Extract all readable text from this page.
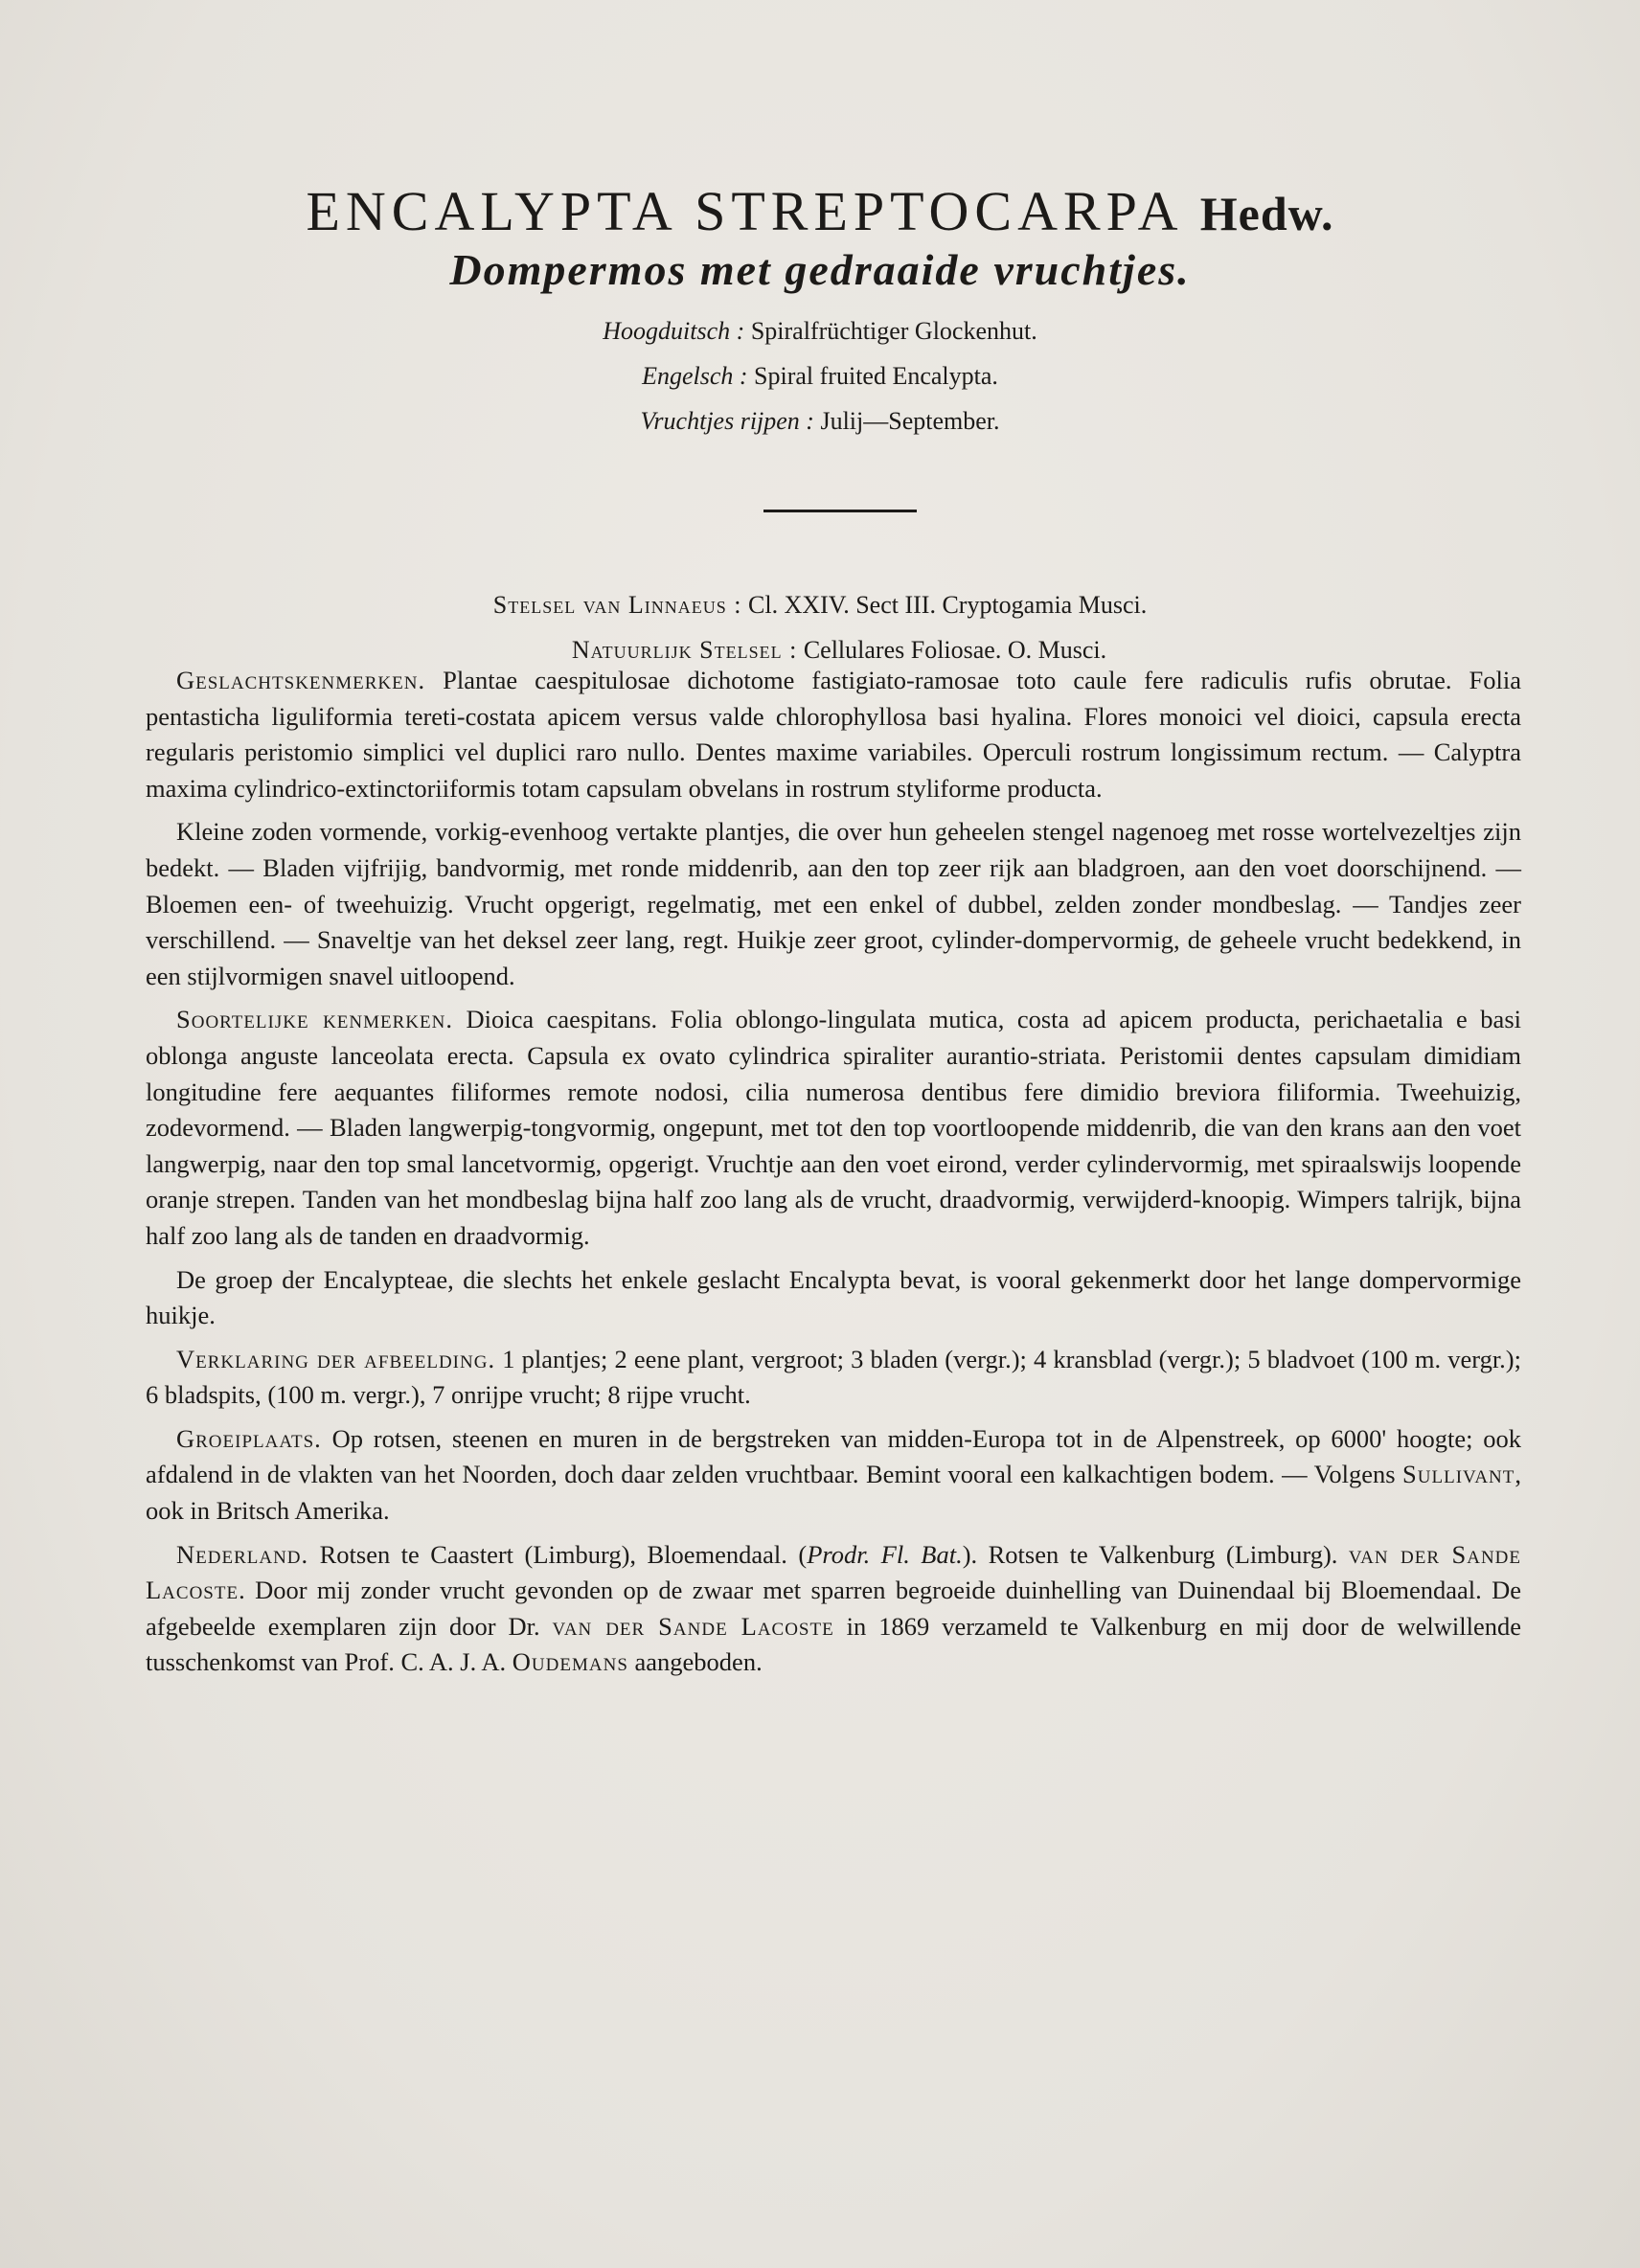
ENCALYPTA STREPTOCARPA Hedw.
Dompermos met gedraaide vruchtjes.
Hoogduitsch : Spiralfrüchtiger Glockenhut.
Engelsch : Spiral fruited Encalypta.
Vruchtjes rijpen : Julij—September.
Stelsel van Linnaeus : Cl. XXIV. Sect III. Cryptogamia Musci.
Natuurlijk Stelsel : Cellulares Foliosae. O. Musci.

Geslachtskenmerken. Plantae caespitulosae dichotome fastigiato-ramosae toto caule fere radiculis rufis obrutae. Folia pentasticha liguliformia tereti-costata apicem versus valde chlorophyllosa basi hyalina. Flores monoici vel dioici, capsula erecta regularis peristomio simplici vel duplici raro nullo. Dentes maxime variabiles. Operculi rostrum longissimum rectum. — Calyptra maxima cylindrico-extinctoriiformis totam capsulam obvelans in rostrum styliforme producta.

Kleine zoden vormende, vorkig-evenhoog vertakte plantjes, die over hun geheelen stengel nagenoeg met rosse wortelvezeltjes zijn bedekt. — Bladen vijfrijig, bandvormig, met ronde middenrib, aan den top zeer rijk aan bladgroen, aan den voet doorschijnend. — Bloemen een- of tweehuizig. Vrucht opgerigt, regelmatig, met een enkel of dubbel, zelden zonder mondbeslag. — Tandjes zeer verschillend. — Snaveltje van het deksel zeer lang, regt. Huikje zeer groot, cylinder-dompervormig, de geheele vrucht bedekkend, in een stijlvormigen snavel uitloopend.

Soortelijke kenmerken. Dioica caespitans. Folia oblongo-lingulata mutica, costa ad apicem producta, perichaetalia e basi oblonga anguste lanceolata erecta. Capsula ex ovato cylindrica spiraliter aurantio-striata. Peristomii dentes capsulam dimidiam longitudine fere aequantes filiformes remote nodosi, cilia numerosa dentibus fere dimidio breviora filiformia. Tweehuizig, zodevormend. — Bladen langwerpig-tongvormig, ongepunt, met tot den top voortloopende middenrib, die van den krans aan den voet langwerpig, naar den top smal lancetvormig, opgerigt. Vruchtje aan den voet eirond, verder cylindervormig, met spiraalswijs loopende oranje strepen. Tanden van het mondbeslag bijna half zoo lang als de vrucht, draadvormig, verwijderd-knoopig. Wimpers talrijk, bijna half zoo lang als de tanden en draadvormig.

De groep der Encalypteae, die slechts het enkele geslacht Encalypta bevat, is vooral gekenmerkt door het lange dompervormige huikje.

Verklaring der afbeelding. 1 plantjes; 2 eene plant, vergroot; 3 bladen (vergr.); 4 kransblad (vergr.); 5 bladvoet (100 m. vergr.); 6 bladspits, (100 m. vergr.), 7 onrijpe vrucht; 8 rijpe vrucht.

Groeiplaats. Op rotsen, steenen en muren in de bergstreken van midden-Europa tot in de Alpenstreek, op 6000' hoogte; ook afdalend in de vlakten van het Noorden, doch daar zelden vruchtbaar. Bemint vooral een kalkachtigen bodem. — Volgens Sullivant, ook in Britsch Amerika.

Nederland. Rotsen te Caastert (Limburg), Bloemendaal. (Prodr. Fl. Bat.). Rotsen te Valkenburg (Limburg). van der Sande Lacoste. Door mij zonder vrucht gevonden op de zwaar met sparren begroeide duinhelling van Duinendaal bij Bloemendaal. De afgebeelde exemplaren zijn door Dr. van der Sande Lacoste in 1869 verzameld te Valkenburg en mij door de welwillende tusschenkomst van Prof. C. A. J. A. Oudemans aangeboden.
